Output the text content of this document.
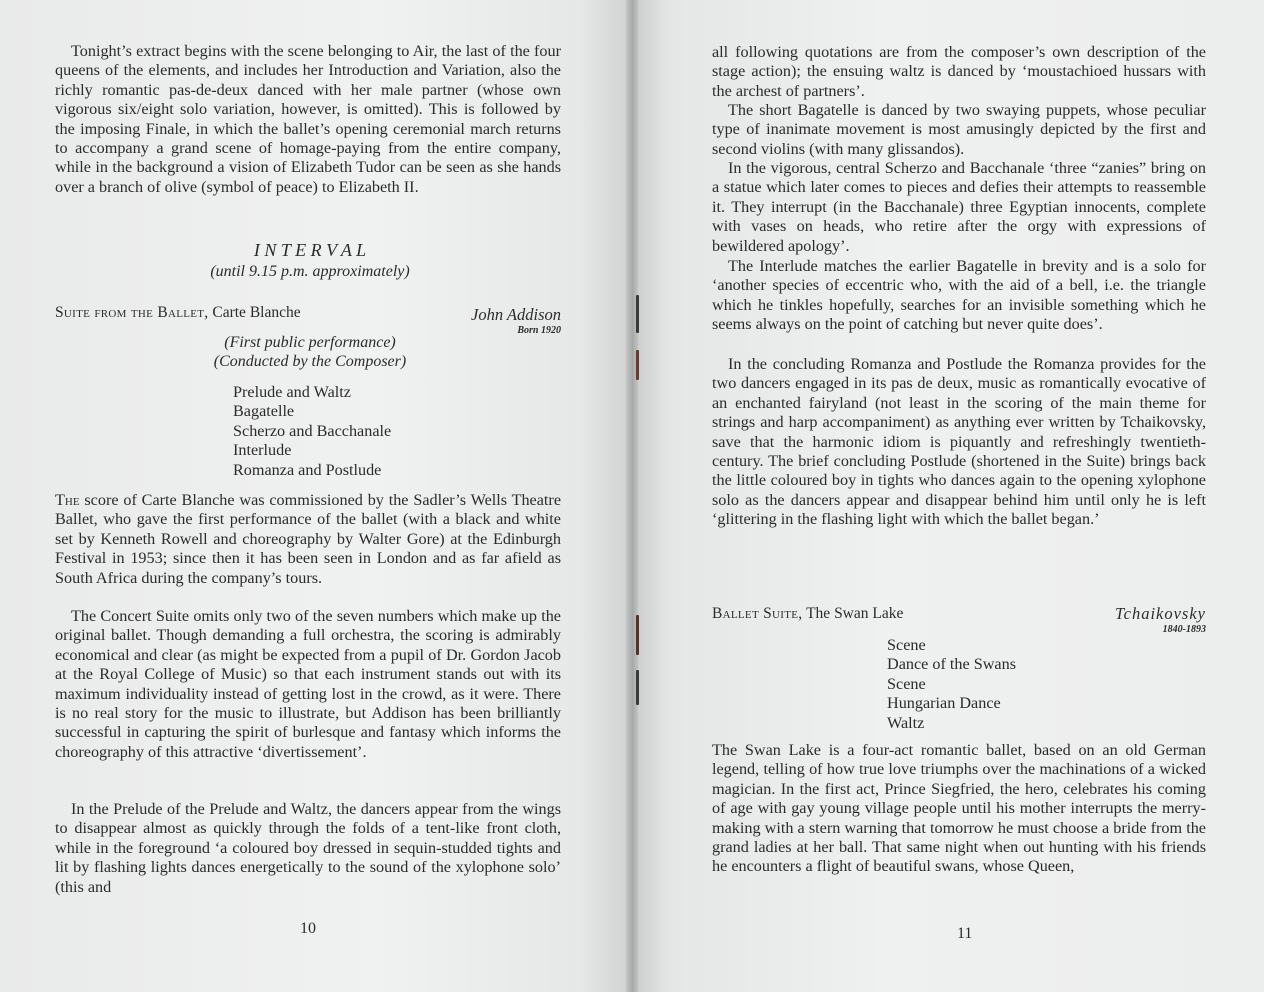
Tonight’s extract begins with the scene belonging to Air, the last of the four queens of the elements, and includes her Introduction and Variation, also the richly romantic pas-de-deux danced with her male partner (whose own vigorous six/eight solo variation, however, is omitted). This is followed by the imposing Finale, in which the ballet’s opening ceremonial march returns to accompany a grand scene of homage-paying from the entire company, while in the background a vision of Elizabeth Tudor can be seen as she hands over a branch of olive (symbol of peace) to Elizabeth II.

I N T E R V A L
(until 9.15 p.m. approximately)
Suite from the Ballet, Carte Blanche	John Addison
Born 1920
(First public performance)
(Conducted by the Composer)
Prelude and Waltz
Bagatelle
Scherzo and Bacchanale
Interlude
Romanza and Postlude

The score of Carte Blanche was commissioned by the Sadler’s Wells Theatre Ballet, who gave the first performance of the ballet (with a black and white set by Kenneth Rowell and choreography by Walter Gore) at the Edinburgh Festival in 1953; since then it has been seen in London and as far afield as South Africa during the company’s tours.

The Concert Suite omits only two of the seven numbers which make up the original ballet. Though demanding a full orchestra, the scoring is admirably economical and clear (as might be expected from a pupil of Dr. Gordon Jacob at the Royal College of Music) so that each instrument stands out with its maximum individuality instead of getting lost in the crowd, as it were. There is no real story for the music to illustrate, but Addison has been brilliantly successful in capturing the spirit of burlesque and fantasy which informs the choreography of this attractive ‘divertissement’.

In the Prelude of the Prelude and Waltz, the dancers appear from the wings to disappear almost as quickly through the folds of a tent-like front cloth, while in the foreground ‘a coloured boy dressed in sequin-studded tights and lit by flashing lights dances energetically to the sound of the xylophone solo’ (this and

10

all following quotations are from the composer’s own description of the stage action); the ensuing waltz is danced by ‘moustachioed hussars with the archest of partners’.

The short Bagatelle is danced by two swaying puppets, whose peculiar type of inanimate movement is most amusingly depicted by the first and second violins (with many glissandos).

In the vigorous, central Scherzo and Bacchanale ‘three “zanies” bring on a statue which later comes to pieces and defies their attempts to reassemble it. They interrupt (in the Bacchanale) three Egyptian innocents, complete with vases on heads, who retire after the orgy with expressions of bewildered apology’.

The Interlude matches the earlier Bagatelle in brevity and is a solo for ‘another species of eccentric who, with the aid of a bell, i.e. the triangle which he tinkles hopefully, searches for an invisible something which he seems always on the point of catching but never quite does’.

In the concluding Romanza and Postlude the Romanza provides for the two dancers engaged in its pas de deux, music as romantically evocative of an enchanted fairyland (not least in the scoring of the main theme for strings and harp accompaniment) as anything ever written by Tchaikovsky, save that the harmonic idiom is piquantly and refreshingly twentieth-century. The brief concluding Postlude (shortened in the Suite) brings back the little coloured boy in tights who dances again to the opening xylophone solo as the dancers appear and disappear behind him until only he is left ‘glittering in the flashing light with which the ballet began.’

Ballet Suite, The Swan Lake	Tchaikovsky
1840-1893
Scene
Dance of the Swans
Scene
Hungarian Dance
Waltz

The Swan Lake is a four-act romantic ballet, based on an old German legend, telling of how true love triumphs over the machinations of a wicked magician. In the first act, Prince Siegfried, the hero, celebrates his coming of age with gay young village people until his mother interrupts the merry-making with a stern warning that tomorrow he must choose a bride from the grand ladies at her ball. That same night when out hunting with his friends he encounters a flight of beautiful swans, whose Queen,

11
